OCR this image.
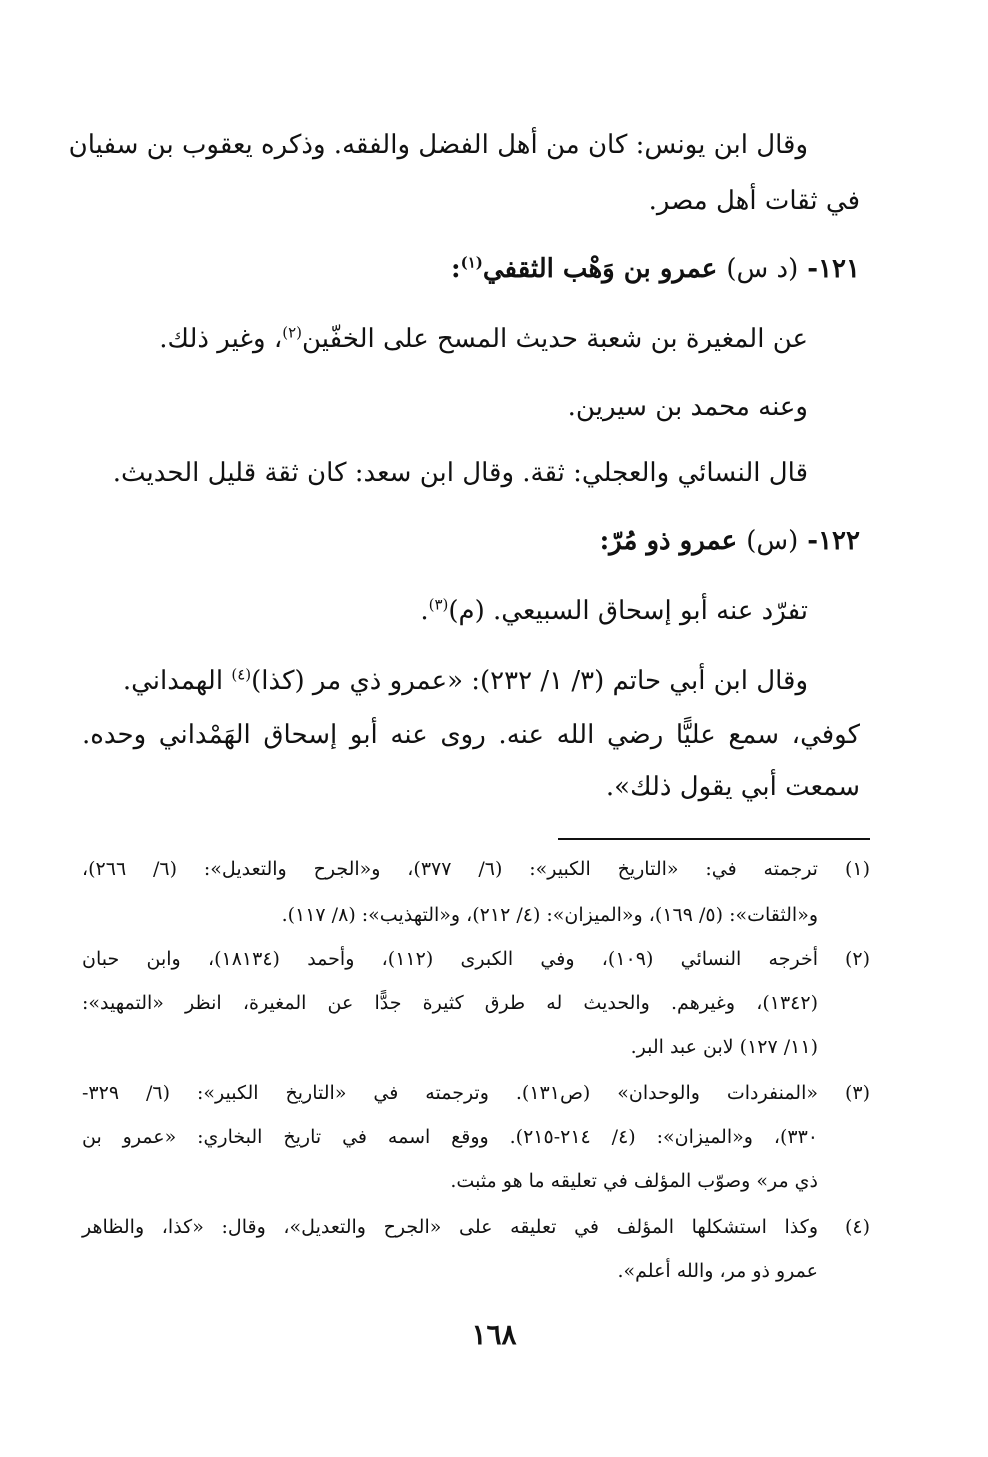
وقال ابن يونس: كان من أهل الفضل والفقه. وذكره يعقوب بن سفيان

في ثقات أهل مصر.

١٢١- (د س) عمرو بن وَهْب الثقفي$^{(١)}$:

عن المغيرة بن شعبة حديث المسح على الخفّين$^{(٢)}$، وغير ذلك.

وعنه محمد بن سيرين.

قال النسائي والعجلي: ثقة. وقال ابن سعد: كان ثقة قليل الحديث.

١٢٢- (س) عمرو ذو مُرّ:

تفرّد عنه أبو إسحاق السبيعي. (م)$^{(٣)}$.

وقال ابن أبي حاتم (٣/ ١/ ٢٣٢): «عمرو ذي مر (كذا)$^{(٤)}$ الهمداني.

كوفي، سمع عليًّا رضي الله عنه. روى عنه أبو إسحاق الهَمْداني وحده.

سمعت أبي يقول ذلك».

(١)
ترجمته في: «التاريخ الكبير»: (٦/ ٣٧٧)، و«الجرح والتعديل»: (٦/ ٢٦٦)،
و«الثقات»: (٥/ ١٦٩)، و«الميزان»: (٤/ ٢١٢)، و«التهذيب»: (٨/ ١١٧).
(٢)
أخرجه النسائي (١٠٩)، وفي الكبرى (١١٢)، وأحمد (١٨١٣٤)، وابن حبان
(١٣٤٢)، وغيرهم. والحديث له طرق كثيرة جدًّا عن المغيرة، انظر «التمهيد»:
(١١/ ١٢٧) لابن عبد البر.
(٣)
«المنفردات والوحدان» (ص١٣١). وترجمته في «التاريخ الكبير»: (٦/ ٣٢٩-
٣٣٠)، و«الميزان»: (٤/ ٢١٤-٢١٥). ووقع اسمه في تاريخ البخاري: «عمرو بن
ذي مر» وصوّب المؤلف في تعليقه ما هو مثبت.
(٤)
وكذا استشكلها المؤلف في تعليقه على «الجرح والتعديل»، وقال: «كذا، والظاهر
عمرو ذو مر، والله أعلم».
١٦٨
